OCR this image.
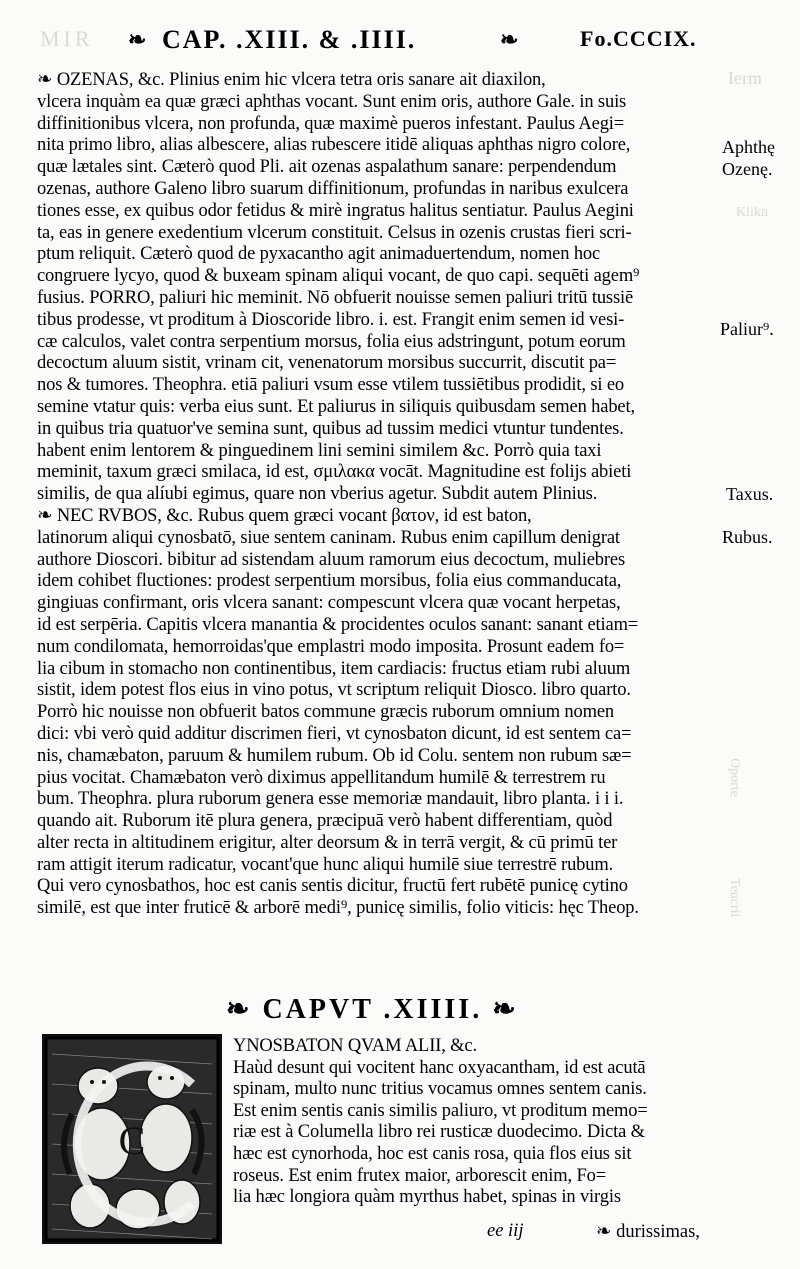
MIR
Ierm
Klikn
Oporte
Teucrii
❧ CAP. .XIII. & .IIII.	❧	Fo.CCCIX.
❧ OZENAS, &c. Plinius enim hic vlcera tetra oris sanare ait diaxilon,
vlcera inquàm ea quæ græci aphthas vocant. Sunt enim oris, authore Gale. in suis
diffinitionibus vlcera, non profunda, quæ maximè pueros infestant. Paulus Aegi=
nita primo libro, alias albescere, alias rubescere itidē aliquas aphthas nigro colore,
quæ lætales sint. Cæterò quod Pli. ait ozenas aspalathum sanare: perpendendum
ozenas, authore Galeno libro suarum diffinitionum, profundas in naribus exulcera
tiones esse, ex quibus odor fetidus & mirè ingratus halitus sentiatur. Paulus Aegini
ta, eas in genere exedentium vlcerum constituit. Celsus in ozenis crustas fieri scri-
ptum reliquit. Cæterò quod de pyxacantho agit animaduertendum, nomen hoc
congruere lycyo, quod & buxeam spinam aliqui vocant, de quo capi. sequēti agem⁹
fusius. PORRO, paliuri hic meminit. Nō obfuerit nouisse semen paliuri tritū tussiē
tibus prodesse, vt proditum à Dioscoride libro. i. est. Frangit enim semen id vesi-
cæ calculos, valet contra serpentium morsus, folia eius adstringunt, potum eorum
decoctum aluum sistit, vrinam cit, venenatorum morsibus succurrit, discutit pa=
nos & tumores. Theophra. etiā paliuri vsum esse vtilem tussiētibus prodidit, si eo
semine vtatur quis: verba eius sunt. Et paliurus in siliquis quibusdam semen habet,
in quibus tria quatuor've semina sunt, quibus ad tussim medici vtuntur tundentes.
habent enim lentorem & pinguedinem lini semini similem &c. Porrò quia taxi
meminit, taxum græci smilaca, id est, σμιλακα vocāt. Magnitudine est folijs abieti
similis, de qua alíubi egimus, quare non vberius agetur. Subdit autem Plinius.
❧ NEC RVBOS, &c. Rubus quem græci vocant βατον, id est baton,
latinorum aliqui cynosbatō, siue sentem caninam. Rubus enim capillum denigrat
authore Dioscori. bibitur ad sistendam aluum ramorum eius decoctum, muliebres
idem cohibet fluctiones: prodest serpentium morsibus, folia eius commanducata,
gingiuas confirmant, oris vlcera sanant: compescunt vlcera quæ vocant herpetas,
id est serpēria. Capitis vlcera manantia & procidentes oculos sanant: sanant etiam=
num condilomata, hemorroidas'que emplastri modo imposita. Prosunt eadem fo=
lia cibum in stomacho non continentibus, item cardiacis: fructus etiam rubi aluum
sistit, idem potest flos eius in vino potus, vt scriptum reliquit Diosco. libro quarto.
Porrò hic nouisse non obfuerit batos commune græcis ruborum omnium nomen
dici: vbi verò quid additur discrimen fieri, vt cynosbaton dicunt, id est sentem ca=
nis, chamæbaton, paruum & humilem rubum. Ob id Colu. sentem non rubum sæ=
pius vocitat. Chamæbaton verò diximus appellitandum humilē & terrestrem ru
bum. Theophra. plura ruborum genera esse memoriæ mandauit, libro planta. i i i.
quando ait. Ruborum itē plura genera, præcipuā verò habent differentiam, quòd
alter recta in altitudinem erigitur, alter deorsum & in terrā vergit, & cū primū ter
ram attigit iterum radicatur, vocant'que hunc aliqui humilē siue terrestrē rubum.
Qui vero cynosbathos, hoc est canis sentis dicitur, fructū fert rubētē punicę cytino
similē, est que inter fruticē & arborē medi⁹, punicę similis, folio viticis: hęc Theop.
Aphthę
Ozenę.
Paliur⁹.
Taxus.
Rubus.
❧ CAPVT .XIIII. ❧
C
YNOSBATON QVAM ALII, &c.
Haùd desunt qui vocitent hanc oxyacantham, id est acutā
spinam, multo nunc tritius vocamus omnes sentem canis.
Est enim sentis canis similis paliuro, vt proditum memo=
riæ est à Columella libro rei rusticæ duodecimo. Dicta &
hæc est cynorhoda, hoc est canis rosa, quia flos eius sit
roseus. Est enim frutex maior, arborescit enim, Fo=
lia hæc longiora quàm myrthus habet, spinas in virgis
ee iij	❧ durissimas,
